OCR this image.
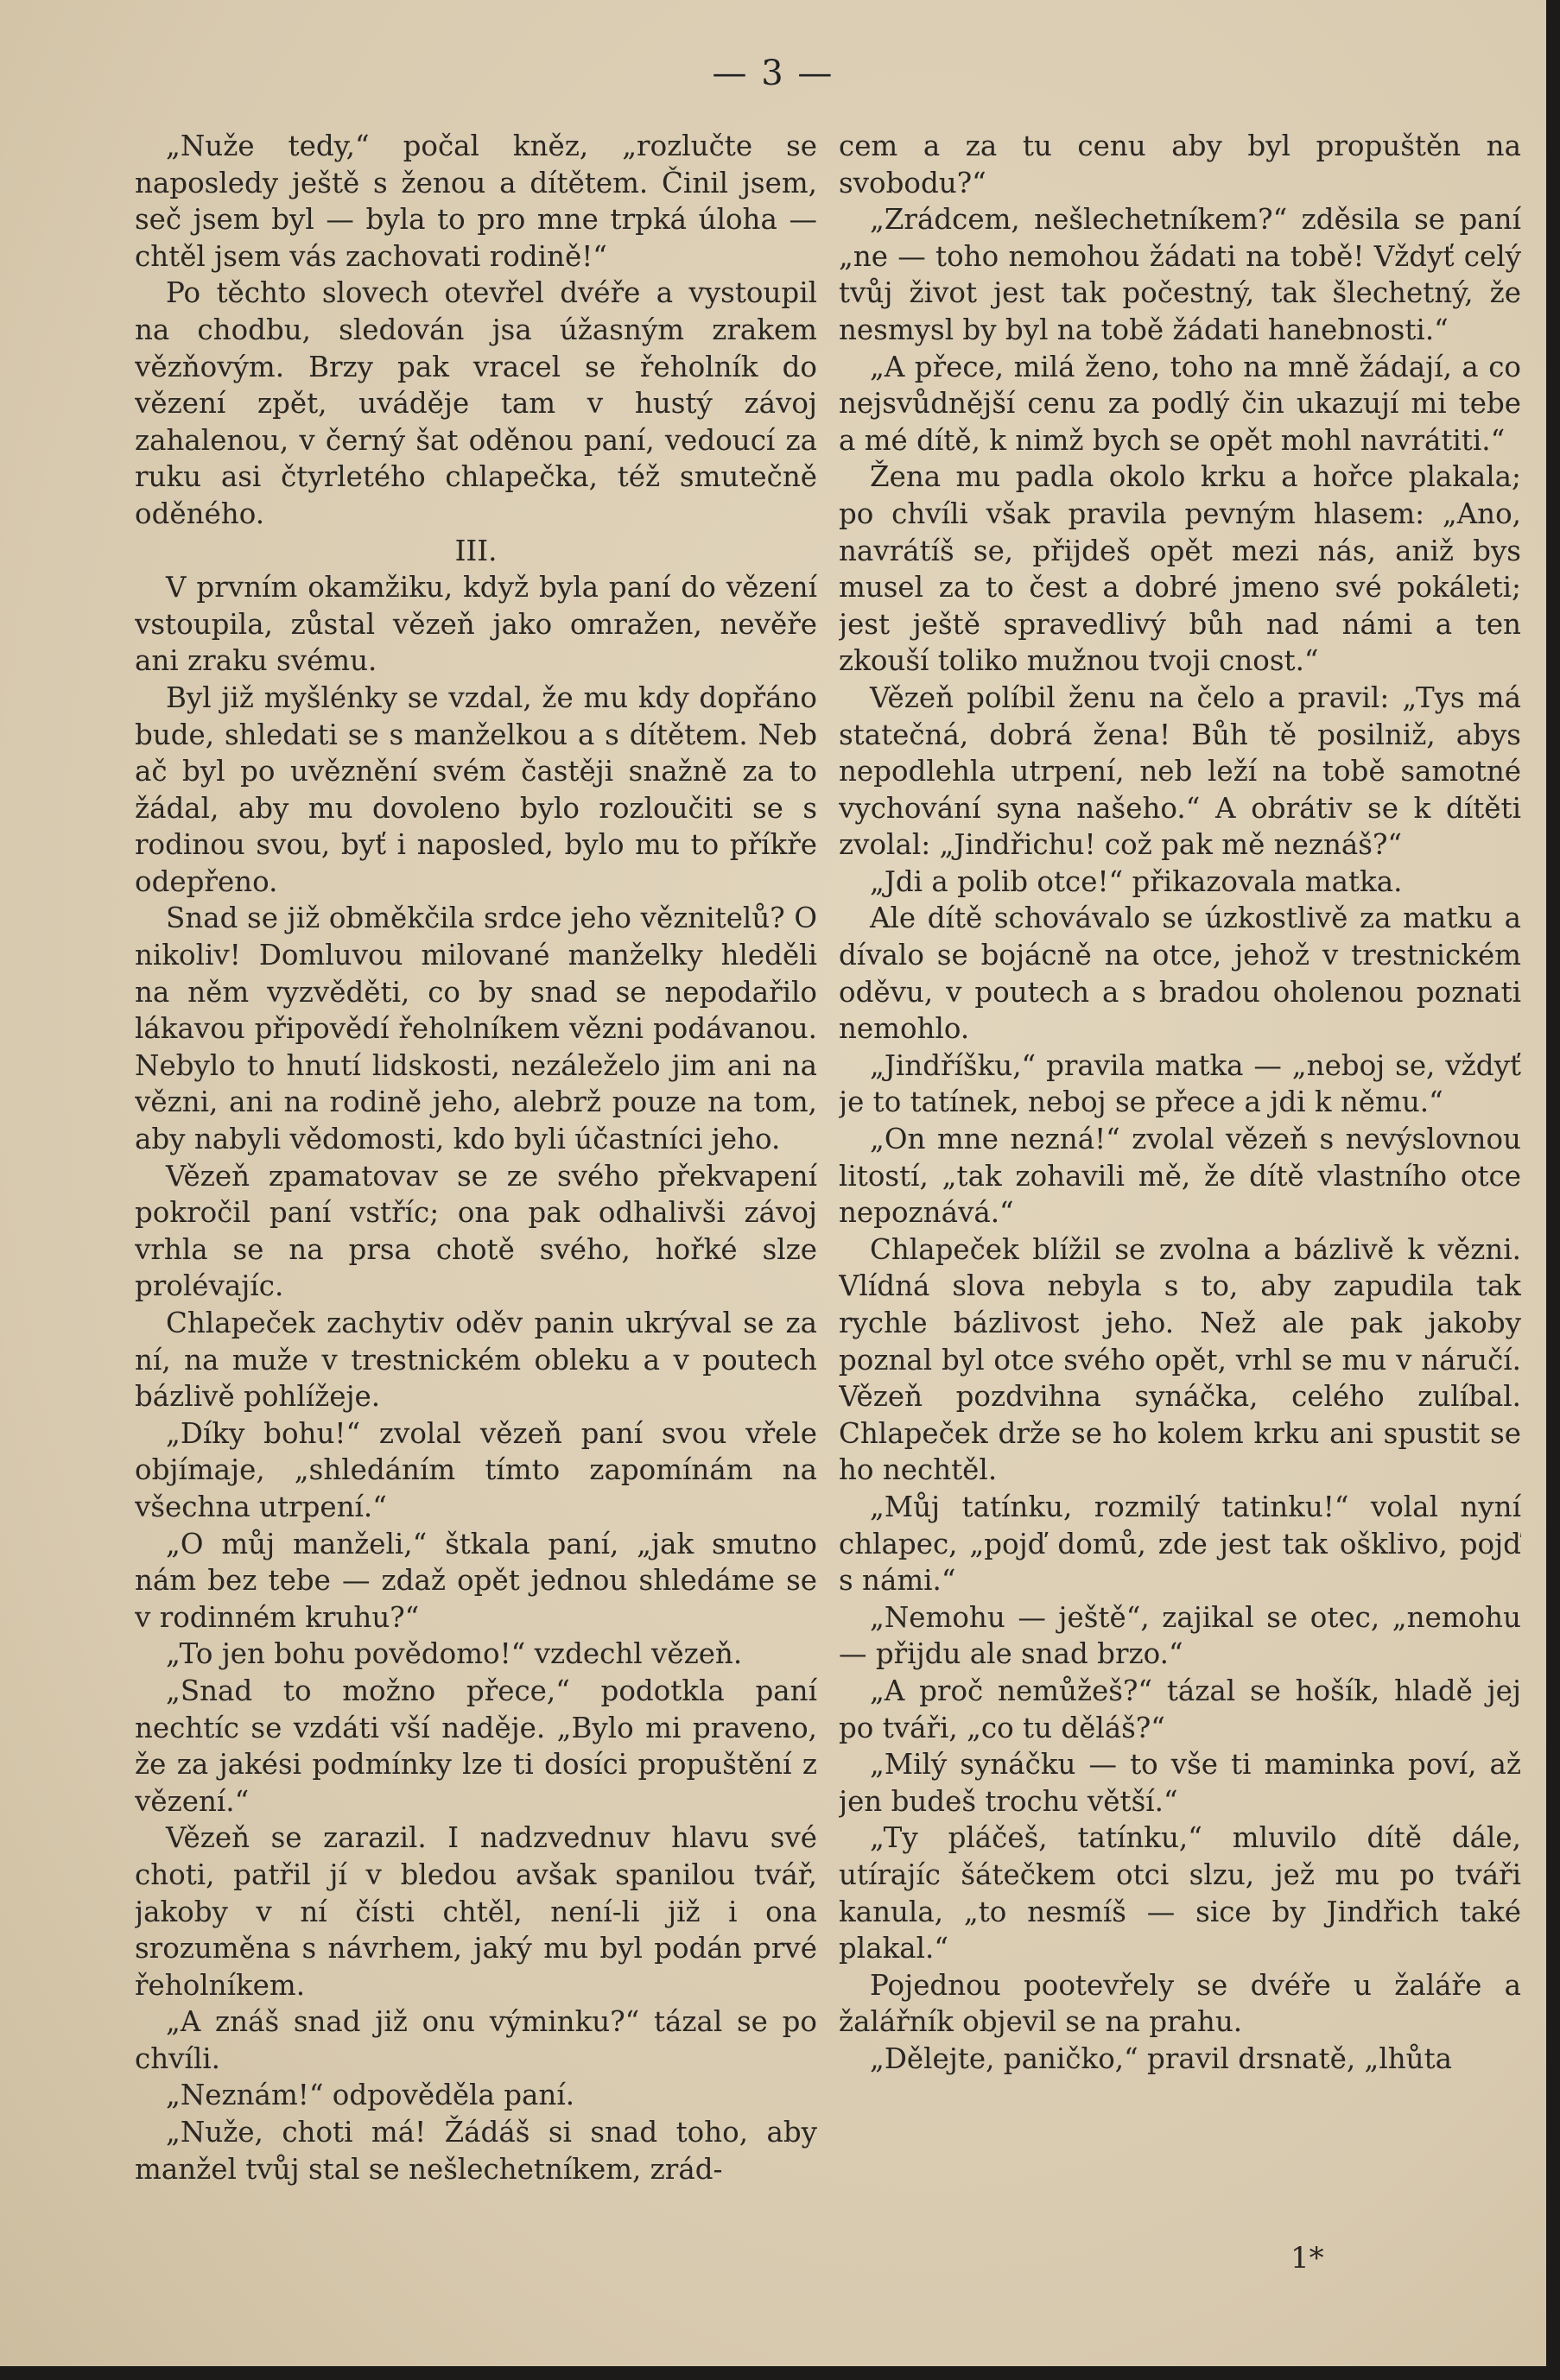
— 3 —

„Nuže tedy,“ počal kněz, „rozlučte se naposledy ještě s ženou a dítětem. Činil jsem, seč jsem byl — byla to pro mne trpká úloha — chtěl jsem vás zachovati rodině!“

Po těchto slovech otevřel dvéře a vystoupil na chodbu, sledován jsa úžasným zrakem vězňovým. Brzy pak vracel se řeholník do vězení zpět, uváděje tam v hustý závoj zahalenou, v černý šat oděnou paní, vedoucí za ruku asi čtyrletého chlapečka, též smutečně oděného.

III.

V prvním okamžiku, když byla paní do vězení vstoupila, zůstal vězeň jako omražen, nevěře ani zraku svému.

Byl již myšlénky se vzdal, že mu kdy dopřáno bude, shledati se s manželkou a s dítětem. Neb ač byl po uvěznění svém častěji snažně za to žádal, aby mu dovoleno bylo rozloučiti se s rodinou svou, byť i naposled, bylo mu to příkře odepřeno.

Snad se již obměkčila srdce jeho věznitelů? O nikoliv! Domluvou milované manželky hleděli na něm vyzvěděti, co by snad se nepodařilo lákavou připovědí řeholníkem vězni podávanou. Nebylo to hnutí lidskosti, nezáleželo jim ani na vězni, ani na rodině jeho, alebrž pouze na tom, aby nabyli vědomosti, kdo byli účastníci jeho.

Vězeň zpamatovav se ze svého překvapení pokročil paní vstříc; ona pak odhalivši závoj vrhla se na prsa chotě svého, hořké slze prolévajíc.

Chlapeček zachytiv oděv panin ukrýval se za ní, na muže v trestnickém obleku a v poutech bázlivě pohlížeje.

„Díky bohu!“ zvolal vězeň paní svou vřele objímaje, „shledáním tímto zapomínám na všechna utrpení.“

„O můj manželi,“ štkala paní, „jak smutno nám bez tebe — zdaž opět jednou shledáme se v rodinném kruhu?“

„To jen bohu povědomo!“ vzdechl vězeň.

„Snad to možno přece,“ podotkla paní nechtíc se vzdáti vší naděje. „Bylo mi praveno, že za jakési podmínky lze ti dosíci propuštění z vězení.“

Vězeň se zarazil. I nadzvednuv hlavu své choti, patřil jí v bledou avšak spanilou tvář, jakoby v ní čísti chtěl, není-li již i ona srozuměna s návrhem, jaký mu byl podán prvé řeholníkem.

„A znáš snad již onu výminku?“ tázal se po chvíli.

„Neznám!“ odpověděla paní.

„Nuže, choti má! Žádáš si snad toho, aby manžel tvůj stal se nešlechetníkem, zrád-

cem a za tu cenu aby byl propuštěn na svobodu?“

„Zrádcem, nešlechetníkem?“ zděsila se paní „ne — toho nemohou žádati na tobě! Vždyť celý tvůj život jest tak počestný, tak šlechetný, že nesmysl by byl na tobě žádati hanebnosti.“

„A přece, milá ženo, toho na mně žádají, a co nejsvůdnější cenu za podlý čin ukazují mi tebe a mé dítě, k nimž bych se opět mohl navrátiti.“

Žena mu padla okolo krku a hořce plakala; po chvíli však pravila pevným hlasem: „Ano, navrátíš se, přijdeš opět mezi nás, aniž bys musel za to čest a dobré jmeno své pokáleti; jest ještě spravedlivý bůh nad námi a ten zkouší toliko mužnou tvoji cnost.“

Vězeň políbil ženu na čelo a pravil: „Tys má statečná, dobrá žena! Bůh tě posilniž, abys nepodlehla utrpení, neb leží na tobě samotné vychování syna našeho.“ A obrátiv se k dítěti zvolal: „Jindřichu! což pak mě neznáš?“

„Jdi a polib otce!“ přikazovala matka.

Ale dítě schovávalo se úzkostlivě za matku a dívalo se bojácně na otce, jehož v trestnickém oděvu, v poutech a s bradou oholenou poznati nemohlo.

„Jindříšku,“ pravila matka — „neboj se, vždyť je to tatínek, neboj se přece a jdi k němu.“

„On mne nezná!“ zvolal vězeň s nevýslovnou litostí, „tak zohavili mě, že dítě vlastního otce nepoznává.“

Chlapeček blížil se zvolna a bázlivě k vězni. Vlídná slova nebyla s to, aby zapudila tak rychle bázlivost jeho. Než ale pak jakoby poznal byl otce svého opět, vrhl se mu v náručí. Vězeň pozdvihna synáčka, celého zulíbal. Chlapeček drže se ho kolem krku ani spustit se ho nechtěl.

„Můj tatínku, rozmilý tatinku!“ volal nyní chlapec, „pojď domů, zde jest tak ošklivo, pojď s námi.“

„Nemohu — ještě“, zajikal se otec, „nemohu — přijdu ale snad brzo.“

„A proč nemůžeš?“ tázal se hošík, hladě jej po tváři, „co tu děláš?“

„Milý synáčku — to vše ti maminka poví, až jen budeš trochu větší.“

„Ty pláčeš, tatínku,“ mluvilo dítě dále, utírajíc šátečkem otci slzu, jež mu po tváři kanula, „to nesmíš — sice by Jindřich také plakal.“

Pojednou pootevřely se dvéře u žaláře a žalářník objevil se na prahu.

„Dělejte, paničko,“ pravil drsnatě, „lhůta

1*
